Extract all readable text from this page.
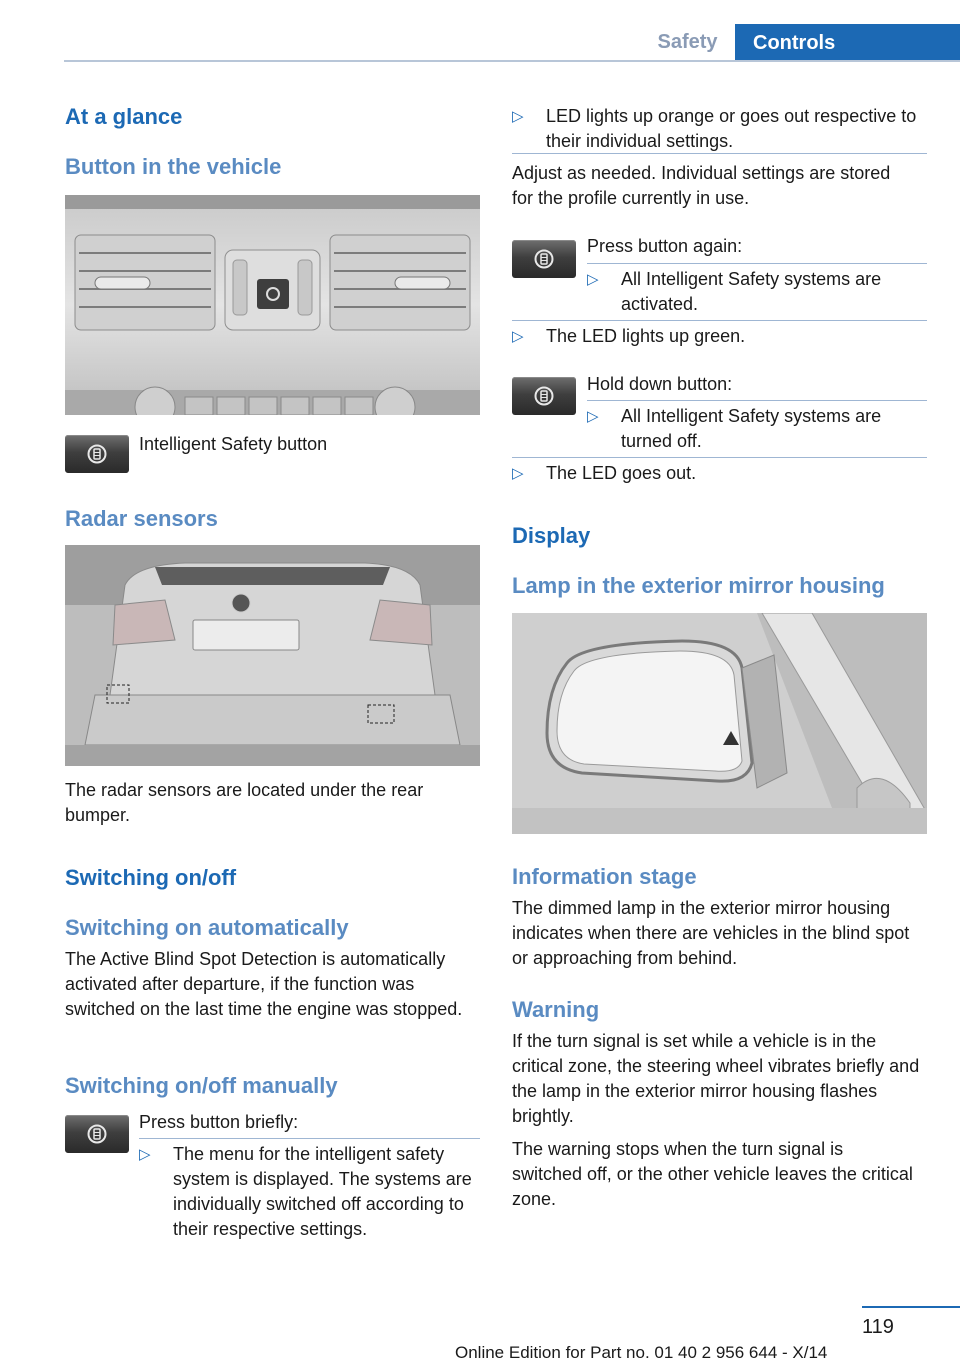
Safety	Controls
At a glance
Button in the vehicle
Intelligent Safety button
Radar sensors
The radar sensors are located under the rear bumper.
Switching on/off
Switching on automatically
The Active Blind Spot Detection is automatically activated after departure, if the function was switched on the last time the engine was stopped.
Switching on/off manually
Press button briefly:
▷	The menu for the intelligent safety system is displayed. The systems are individually switched off according to their respective settings.
▷	LED lights up orange or goes out respective to their individual settings.
Adjust as needed. Individual settings are stored for the profile currently in use.
Press button again:
▷	All Intelligent Safety systems are activated.
▷	The LED lights up green.
Hold down button:
▷	All Intelligent Safety systems are turned off.
▷	The LED goes out.
Display
Lamp in the exterior mirror housing
Information stage
The dimmed lamp in the exterior mirror housing indicates when there are vehicles in the blind spot or approaching from behind.
Warning
If the turn signal is set while a vehicle is in the critical zone, the steering wheel vibrates briefly and the lamp in the exterior mirror housing flashes brightly.
The warning stops when the turn signal is switched off, or the other vehicle leaves the critical zone.
119
Online Edition for Part no. 01 40 2 956 644 - X/14
